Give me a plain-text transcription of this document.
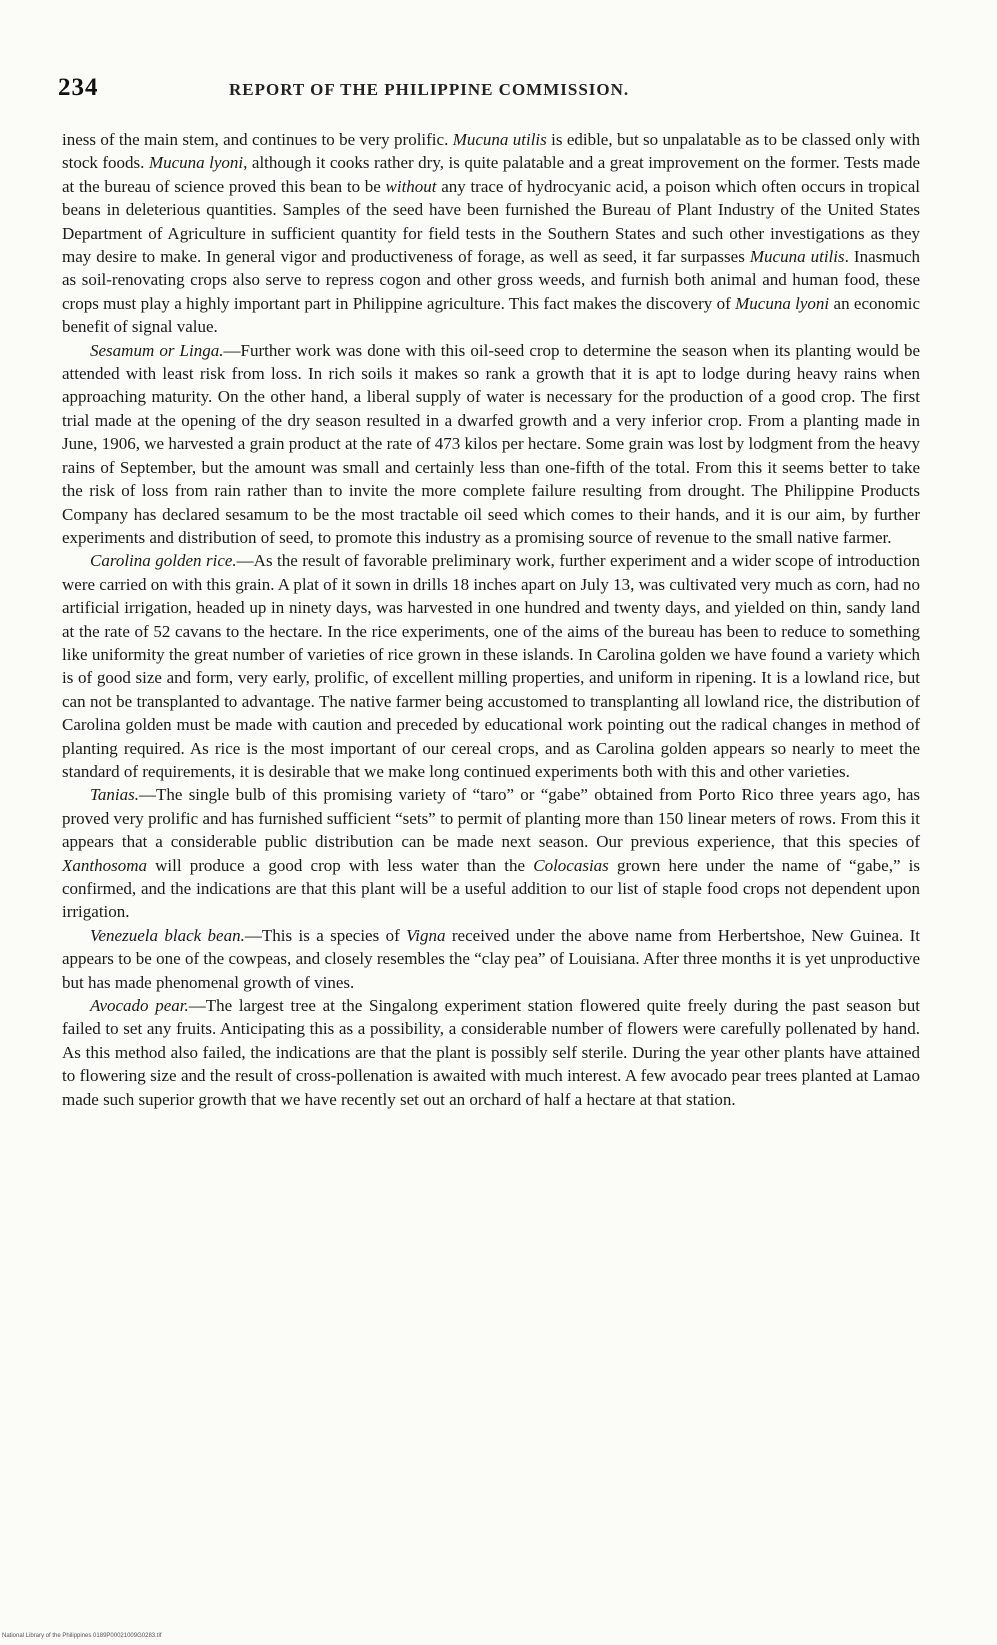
234	REPORT OF THE PHILIPPINE COMMISSION.

iness of the main stem, and continues to be very prolific. Mucuna utilis is edible, but so unpalatable as to be classed only with stock foods. Mucuna lyoni, although it cooks rather dry, is quite palatable and a great improvement on the former. Tests made at the bureau of science proved this bean to be without any trace of hydrocyanic acid, a poison which often occurs in tropical beans in deleterious quantities. Samples of the seed have been furnished the Bureau of Plant Industry of the United States Department of Agriculture in sufficient quantity for field tests in the Southern States and such other investigations as they may desire to make. In general vigor and productiveness of forage, as well as seed, it far surpasses Mucuna utilis. Inasmuch as soil-renovating crops also serve to repress cogon and other gross weeds, and furnish both animal and human food, these crops must play a highly important part in Philippine agriculture. This fact makes the discovery of Mucuna lyoni an economic benefit of signal value.

Sesamum or Linga.—Further work was done with this oil-seed crop to determine the season when its planting would be attended with least risk from loss. In rich soils it makes so rank a growth that it is apt to lodge during heavy rains when approaching maturity. On the other hand, a liberal supply of water is necessary for the production of a good crop. The first trial made at the opening of the dry season resulted in a dwarfed growth and a very inferior crop. From a planting made in June, 1906, we harvested a grain product at the rate of 473 kilos per hectare. Some grain was lost by lodgment from the heavy rains of September, but the amount was small and certainly less than one-fifth of the total. From this it seems better to take the risk of loss from rain rather than to invite the more complete failure resulting from drought. The Philippine Products Company has declared sesamum to be the most tractable oil seed which comes to their hands, and it is our aim, by further experiments and distribution of seed, to promote this industry as a promising source of revenue to the small native farmer.

Carolina golden rice.—As the result of favorable preliminary work, further experiment and a wider scope of introduction were carried on with this grain. A plat of it sown in drills 18 inches apart on July 13, was cultivated very much as corn, had no artificial irrigation, headed up in ninety days, was harvested in one hundred and twenty days, and yielded on thin, sandy land at the rate of 52 cavans to the hectare. In the rice experiments, one of the aims of the bureau has been to reduce to something like uniformity the great number of varieties of rice grown in these islands. In Carolina golden we have found a variety which is of good size and form, very early, prolific, of excellent milling properties, and uniform in ripening. It is a lowland rice, but can not be transplanted to advantage. The native farmer being accustomed to transplanting all lowland rice, the distribution of Carolina golden must be made with caution and preceded by educational work pointing out the radical changes in method of planting required. As rice is the most important of our cereal crops, and as Carolina golden appears so nearly to meet the standard of requirements, it is desirable that we make long continued experiments both with this and other varieties.

Tanias.—The single bulb of this promising variety of “taro” or “gabe” obtained from Porto Rico three years ago, has proved very prolific and has furnished sufficient “sets” to permit of planting more than 150 linear meters of rows. From this it appears that a considerable public distribution can be made next season. Our previous experience, that this species of Xanthosoma will produce a good crop with less water than the Colocasias grown here under the name of “gabe,” is confirmed, and the indications are that this plant will be a useful addition to our list of staple food crops not dependent upon irrigation.

Venezuela black bean.—This is a species of Vigna received under the above name from Herbertshoe, New Guinea. It appears to be one of the cowpeas, and closely resembles the “clay pea” of Louisiana. After three months it is yet unproductive but has made phenomenal growth of vines.

Avocado pear.—The largest tree at the Singalong experiment station flowered quite freely during the past season but failed to set any fruits. Anticipating this as a possibility, a considerable number of flowers were carefully pollenated by hand. As this method also failed, the indications are that the plant is possibly self sterile. During the year other plants have attained to flowering size and the result of cross-pollenation is awaited with much interest. A few avocado pear trees planted at Lamao made such superior growth that we have recently set out an orchard of half a hectare at that station.

National Library of the Philippines 0189P00021009G0283.tif
